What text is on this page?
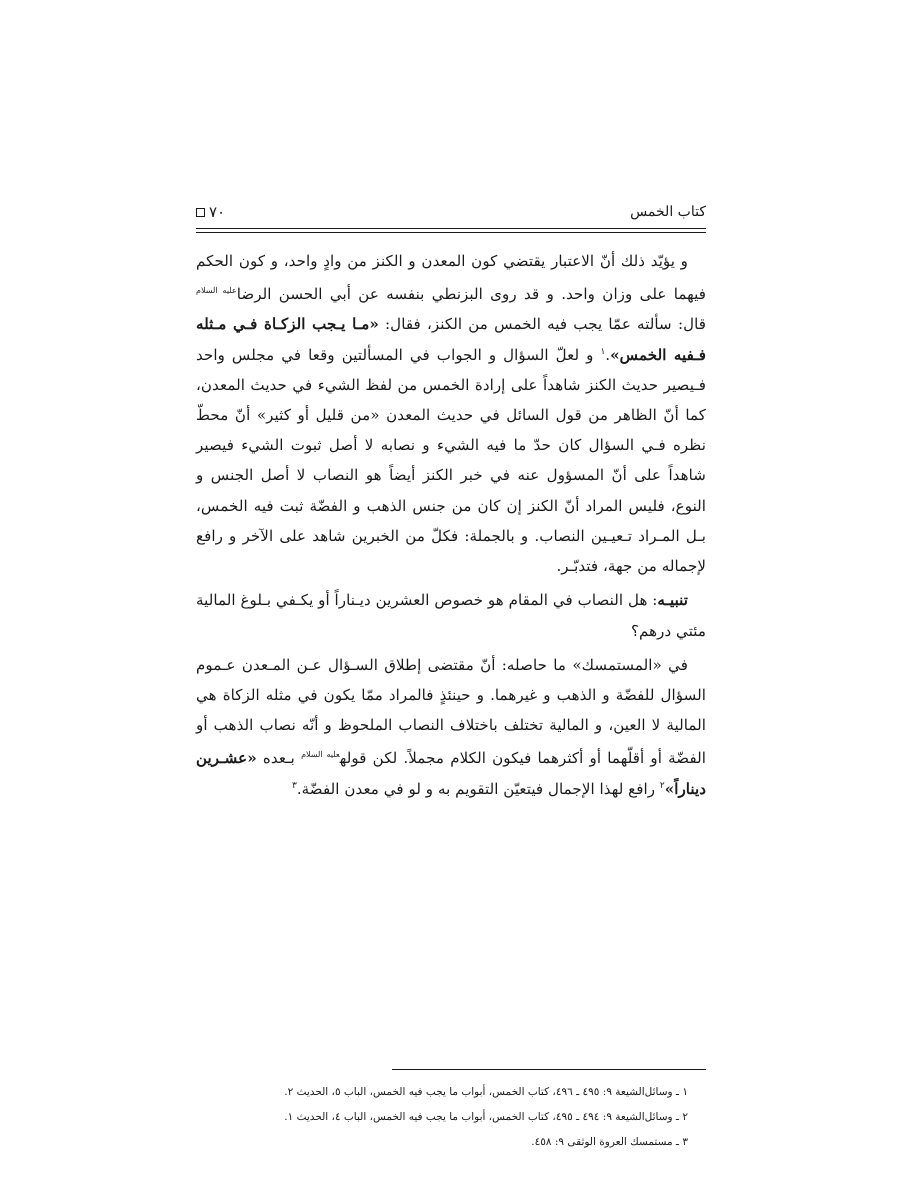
كتاب الخمس
٧٠

و يؤيّد ذلك أنّ الاعتبار يقتضي كون المعدن و الكنز من وادٍ واحد، و كون الحكم فيهما على وزان واحد. و قد روى البزنطي بنفسه عن أبي الحسن الرضا$^{عليه السلام}$ قال: سألته عمّا يجب فيه الخمس من الكنز، فقال: «مـا يـجب الزكـاة فـي مـثله فـفيه الخمس».$^١$ و لعلّ السؤال و الجواب في المسألتين وقعا في مجلس واحد فـيصير حديث الكنز شاهداً على إرادة الخمس من لفظ الشيء في حديث المعدن، كما أنّ الظاهر من قول السائل في حديث المعدن «من قليل أو كثير» أنّ محطّ نظره فـي السؤال كان حدّ ما فيه الشيء و نصابه لا أصل ثبوت الشيء فيصير شاهداً على أنّ المسؤول عنه في خبر الكنز أيضاً هو النصاب لا أصل الجنس و النوع، فليس المراد أنّ الكنز إن كان من جنس الذهب و الفضّة ثبت فيه الخمس، بـل المـراد تـعيـين النصاب. و بالجملة: فكلّ من الخبرين شاهد على الآخر و رافع لإجماله من جهة، فتدبّـر.

تنبيـه: هل النصاب في المقام هو خصوص العشرين ديـناراً أو يكـفي بـلوغ المالية مئتي درهم؟

في «المستمسك» ما حاصله: أنّ مقتضى إطلاق السـؤال عـن المـعدن عـموم السؤال للفضّة و الذهب و غيرهما. و حينئذٍ فالمراد ممّا يكون في مثله الزكاة هي المالية لا العين، و المالية تختلف باختلاف النصاب الملحوظ و أنّه نصاب الذهب أو الفضّة أو أقلّهما أو أكثرهما فيكون الكلام مجملاً. لكن قوله$^{عليه السلام}$ بـعده «عشـرين ديناراً»$^٢$ رافع لهذا الإجمال فيتعيّن التقويم به و لو في معدن الفضّة.$^٣$

١ ـ وسائل‌الشيعة ٩: ٤٩٥ ـ ٤٩٦، كتاب الخمس، أبواب ما يجب فيه الخمس، الباب ٥، الحديث ٢.

٢ ـ وسائل‌الشيعة ٩: ٤٩٤ ـ ٤٩٥، كتاب الخمس، أبواب ما يجب فيه الخمس، الباب ٤، الحديث ١.

٣ ـ مستمسك العروة الوثقى ٩: ٤٥٨.
